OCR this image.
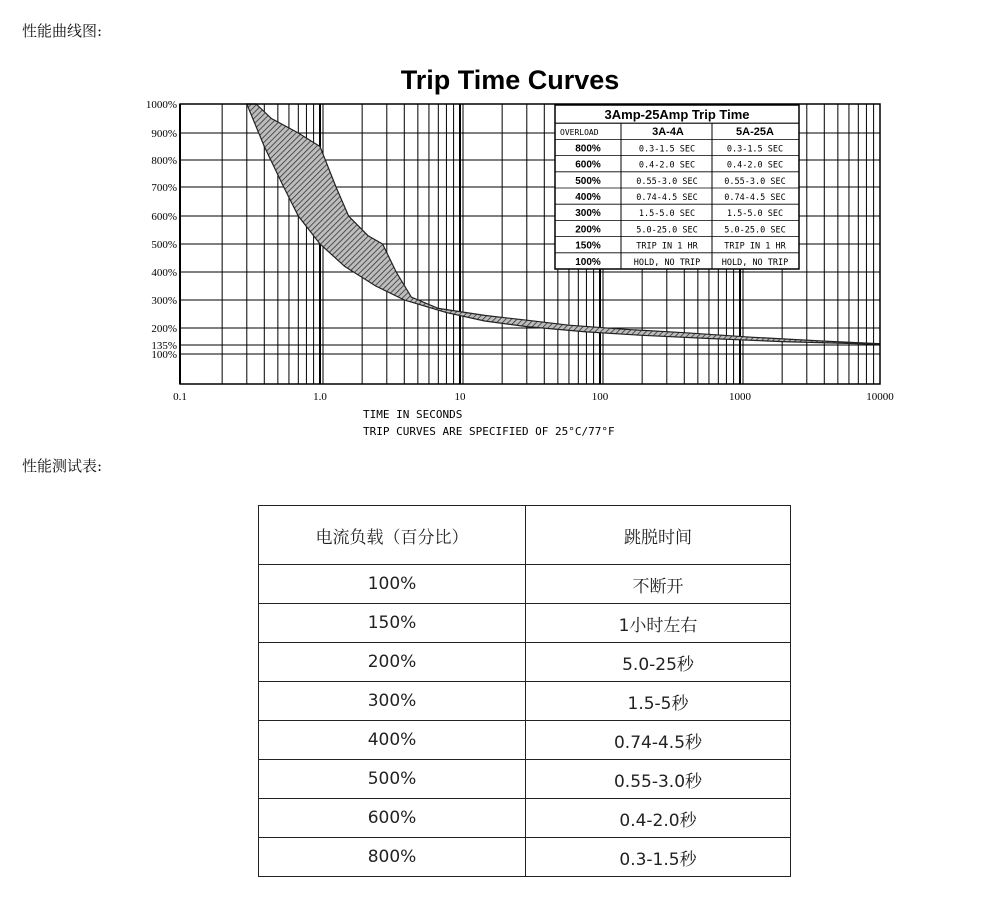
性能曲线图:
Trip Time Curves
100%
135%
200%
300%
400%
500%
600%
700%
800%
900%
1000%
0.1	1.0	10	100	1000	10000
3Amp-25Amp Trip Time
OVERLOAD	3A-4A	5A-25A
800%	0.3-1.5 SEC	0.3-1.5 SEC
600%	0.4-2.0 SEC	0.4-2.0 SEC
500%	0.55-3.0 SEC	0.55-3.0 SEC
400%	0.74-4.5 SEC	0.74-4.5 SEC
300%	1.5-5.0 SEC	1.5-5.0 SEC
200%	5.0-25.0 SEC	5.0-25.0 SEC
150%	TRIP IN 1 HR	TRIP IN 1 HR
100%	HOLD, NO TRIP	HOLD, NO TRIP
TIME IN SECONDS
TRIP CURVES ARE SPECIFIED OF 25°C/77°F
性能测试表:
电流负载（百分比）	跳脱时间
100%	不断开
150%	1小时左右
200%	5.0-25秒
300%	1.5-5秒
400%	0.74-4.5秒
500%	0.55-3.0秒
600%	0.4-2.0秒
800%	0.3-1.5秒
